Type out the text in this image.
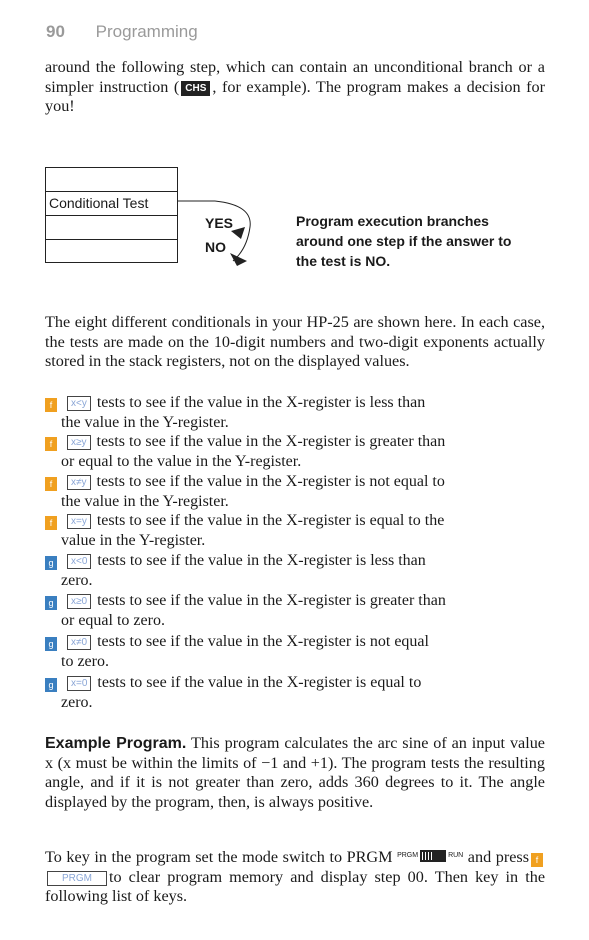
90 Programming
around the following step, which can contain an unconditional branch or a simpler instruction ( CHS , for example). The program makes a decision for you!
Conditional Test
YES
NO
Program execution branches around one step if the answer to the test is NO.
The eight different conditionals in your HP-25 are shown here. In each case, the tests are made on the 10-digit numbers and two-digit exponents actually stored in the stack registers, not on the displayed values.
f x<y tests to see if the value in the X-register is less than
the value in the Y-register.
f x≥y tests to see if the value in the X-register is greater than
or equal to the value in the Y-register.
f x≠y tests to see if the value in the X-register is not equal to
the value in the Y-register.
f x=y tests to see if the value in the X-register is equal to the
value in the Y-register.
g x<0 tests to see if the value in the X-register is less than
zero.
g x≥0 tests to see if the value in the X-register is greater than
or equal to zero.
g x≠0 tests to see if the value in the X-register is not equal
to zero.
g x=0 tests to see if the value in the X-register is equal to
zero.
Example Program. This program calculates the arc sine of an input value x (x must be within the limits of −1 and +1). The program tests the resulting angle, and if it is not greater than zero, adds 360 degrees to it. The angle displayed by the program, then, is always positive.
To key in the program set the mode switch to PRGM $^{PRGM}$	$^{RUN}$ and press fPRGM to clear program memory and display step 00. Then key in the following list of keys.
